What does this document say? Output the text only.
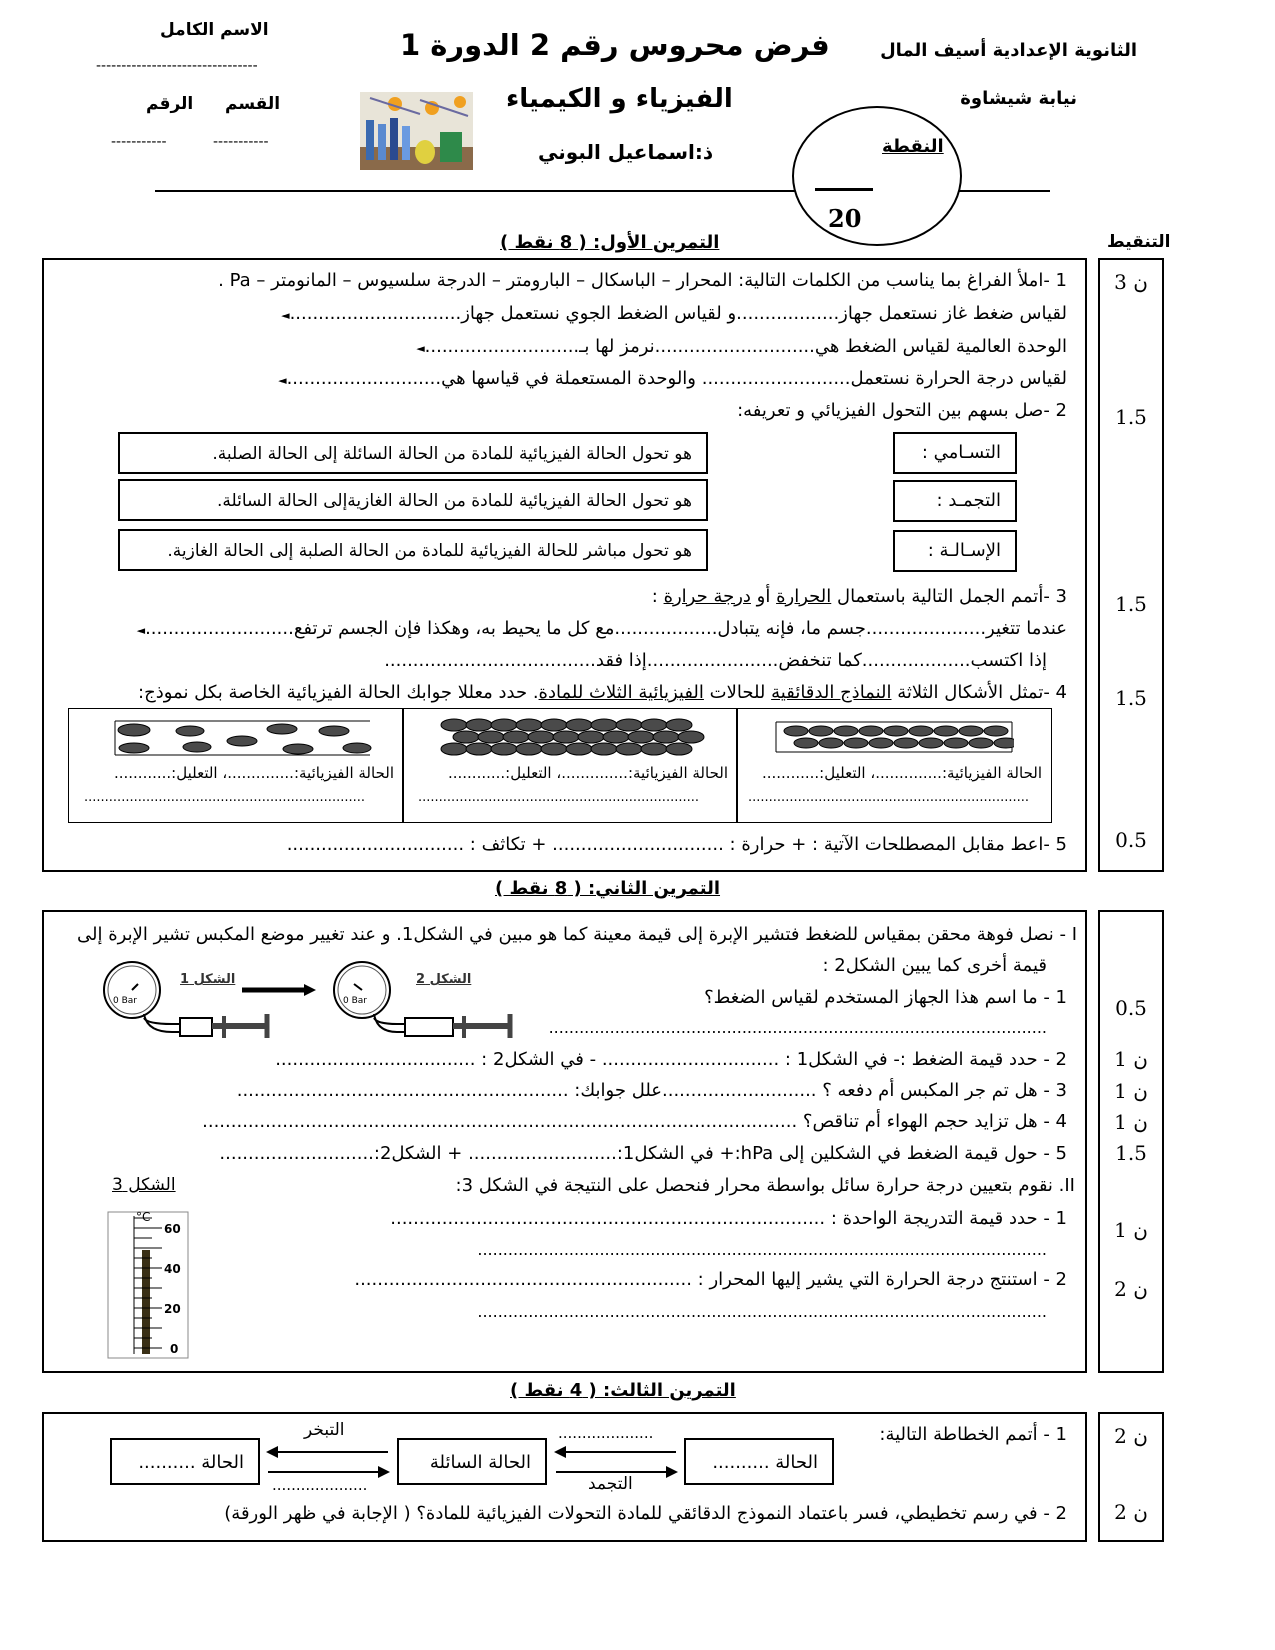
الثانوية الإعدادية أسيف المال
نيابة شيشاوة
فرض محروس رقم 2 الدورة 1
الفيزياء و الكيمياء
ذ:اسماعيل البوني
الاسم الكامل
--------------------------------
القسم
الرقم
-----------
-----------	النقطة
20
التنقيط
التمرين الأول: ( 8 نقط )
3 ن
1.5
1.5
1.5
0.5
1 -املأ الفراغ بما يناسب من الكلمات التالية: المحرار – الباسكال – البارومتر – الدرجة سلسيوس – المانومتر – Pa .
لقياس ضغط غاز نستعمل جهاز..................و لقياس الضغط الجوي نستعمل جهاز..............................◄
الوحدة العالمية لقياس الضغط هي............................نرمز لها بـ...........................◄
لقياس درجة الحرارة نستعمل.......................... والوحدة المستعملة في قياسها هي...........................◄
2 -صل بسهم بين التحول الفيزيائي و تعريفه:
التسـامي :
التجمـد :
الإسـالـة :
هو تحول الحالة الفيزيائية للمادة من الحالة السائلة إلى الحالة الصلبة.
هو تحول الحالة الفيزيائية للمادة من الحالة الغازيةإلى الحالة السائلة.
هو تحول مباشر للحالة الفيزيائية للمادة من الحالة الصلبة إلى الحالة الغازية.
3 -أتمم الجمل التالية باستعمال الحرارة أو درجة حرارة :
عندما تتغير.....................جسم ما، فإنه يتبادل..................مع كل ما يحيط به، وهكذا فإن الجسم ترتفع..........................◄
إذا اكتسب...................كما تنخفض.......................إذا فقد.....................................
4 -تمثل الأشكال الثلاثة النماذج الدقائقية للحالات الفيزيائية الثلاث للمادة. حدد معللا جوابك الحالة الفيزيائية الخاصة بكل نموذج:
الحالة الفيزيائية:..............، التعليل:............
....................................................................
الحالة الفيزيائية:..............، التعليل:............
....................................................................
الحالة الفيزيائية:..............، التعليل:............
....................................................................
5 -اعط مقابل المصطلحات الآتية : + حرارة : .............................. + تكاثف : ...............................
التمرين الثاني: ( 8 نقط )
0.5
1 ن
1 ن
1 ن
1.5
1 ن
2 ن
I - نصل فوهة محقن بمقياس للضغط فتشير الإبرة إلى قيمة معينة كما هو مبين في الشكل1. و عند تغيير موضع المكبس تشير الإبرة إلى
قيمة أخرى كما يبين الشكل2 :
0 Bar	0 Bar
الشكل 1	الشكل 2
1 - ما اسم هذا الجهاز المستخدم لقياس الضغط؟
..................................................................................................
2 - حدد قيمة الضغط :- في الشكل1 : ............................... - في الشكل2 : ...................................
3 - هل تم جر المكبس أم دفعه ؟ ...........................علل جوابك: ..........................................................
4 - هل تزايد حجم الهواء أم تناقص؟ ........................................................................................................
5 - حول قيمة الضغط في الشكلين إلى hPa:+ في الشكل1:.......................... + الشكل2:...........................
II. نقوم بتعيين درجة حرارة سائل بواسطة محرار فنحصل على النتيجة في الشكل 3:
الشكل 3
°C
60
40
20
0
1 - حدد قيمة التدريجة الواحدة : ............................................................................
................................................................................................................
2 - استنتج درجة الحرارة التي يشير إليها المحرار : ...........................................................
................................................................................................................
التمرين الثالث: ( 4 نقط )
2 ن
2 ن
1 - أتمم الخطاطة التالية:
الحالة ..........	الحالة السائلة	الحالة ..........
التبخر
التجمد
....................
....................
2 - في رسم تخطيطي، فسر باعتماد النموذج الدقائقي للمادة التحولات الفيزيائية للمادة؟ ( الإجابة في ظهر الورقة)
